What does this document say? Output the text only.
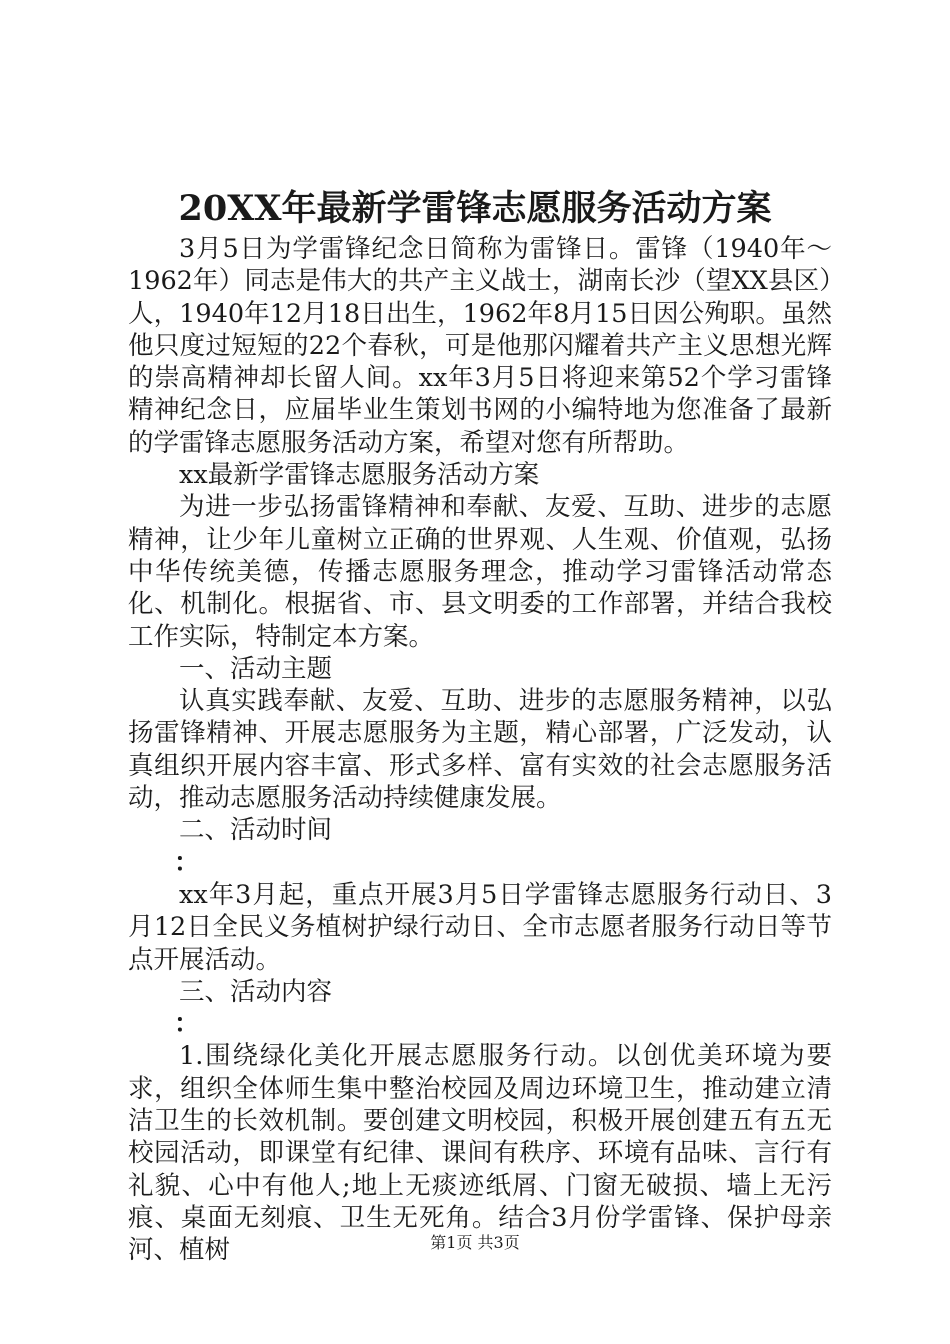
20XX年最新学雷锋志愿服务活动方案

3月5日为学雷锋纪念日简称为雷锋日。雷锋（1940年～1962年）同志是伟大的共产主义战士，湖南长沙（望XX县区）人，1940年12月18日出生，1962年8月15日因公殉职。虽然他只度过短短的22个春秋，可是他那闪耀着共产主义思想光辉的崇高精神却长留人间。xx年3月5日将迎来第52个学习雷锋精神纪念日，应届毕业生策划书网的小编特地为您准备了最新的学雷锋志愿服务活动方案，希望对您有所帮助。

xx最新学雷锋志愿服务活动方案

为进一步弘扬雷锋精神和奉献、友爱、互助、进步的志愿精神，让少年儿童树立正确的世界观、人生观、价值观，弘扬中华传统美德，传播志愿服务理念，推动学习雷锋活动常态化、机制化。根据省、市、县文明委的工作部署，并结合我校工作实际，特制定本方案。

一、活动主题

认真实践奉献、友爱、互助、进步的志愿服务精神，以弘扬雷锋精神、开展志愿服务为主题，精心部署，广泛发动，认真组织开展内容丰富、形式多样、富有实效的社会志愿服务活动，推动志愿服务活动持续健康发展。

二、活动时间

：

xx年3月起，重点开展3月5日学雷锋志愿服务行动日、3月12日全民义务植树护绿行动日、全市志愿者服务行动日等节点开展活动。

三、活动内容

：

1.围绕绿化美化开展志愿服务行动。以创优美环境为要求，组织全体师生集中整治校园及周边环境卫生，推动建立清洁卫生的长效机制。要创建文明校园，积极开展创建五有五无校园活动，即课堂有纪律、课间有秩序、环境有品味、言行有礼貌、心中有他人;地上无痰迹纸屑、门窗无破损、墙上无污痕、桌面无刻痕、卫生无死角。结合3月份学雷锋、保护母亲河、植树	第1页 共3页
